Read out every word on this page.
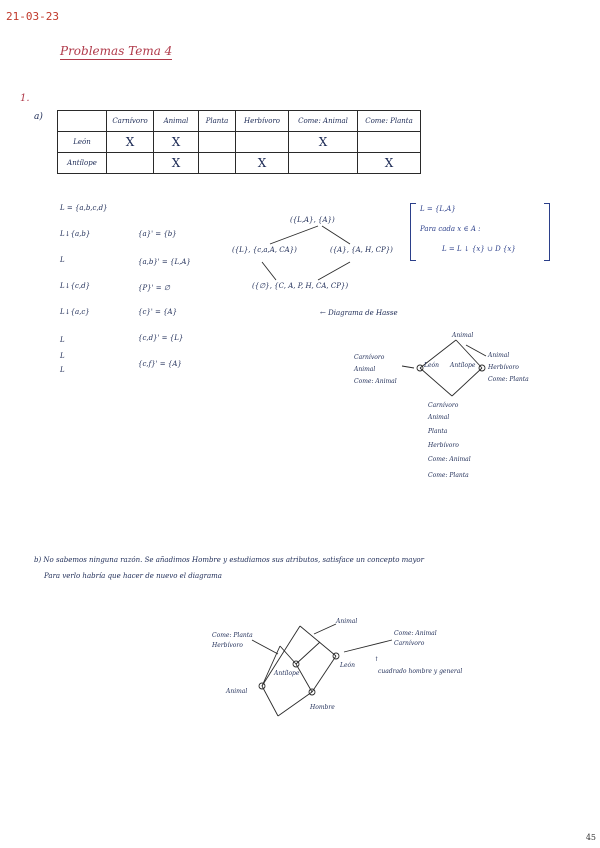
21-03-23
Problemas Tema 4
1.
a)
		Carnívoro	Animal	Planta	Herbívoro	Come: Animal	Come: Planta
León	X	X			X	
Antílope		X		X		X
L = {a,b,c,d}
L↓{a,b}
L
L↓{c,d}
L↓{a,c}
L
L
L
{a}' = {b}
{a,b}' = {L,A}
{P}' = ∅
{c}' = {A}
{c,d}' = {L}
{c,f}' = {A}
({L,A}, {A})
({L}, {c,a,A, CA})	({A}, {A, H, CP})
({∅}, {C, A, P, H, CA, CP})
← Diagrama de Hasse
L = {L,A}
Para cada x ∈ A :
L = L ↓ {x} ∪ D {x}
Animal
León Antílope
Carnívoro
Animal
Come: Animal
Animal
Herbívoro
Come: Planta
Carnívoro
Animal
Planta
Herbívoro
Come: Animal
Come: Planta
b) No sabemos ninguna razón. Se añadimos Hombre y estudiamos sus atributos, satisface un concepto mayor
Para verlo habría que hacer de nuevo el diagrama
Come: Planta
Herbívoro
Animal
Come: Animal
Carnívoro
Antílope
León
Animal
Hombre
↑
cuadrado hombre y general
45
